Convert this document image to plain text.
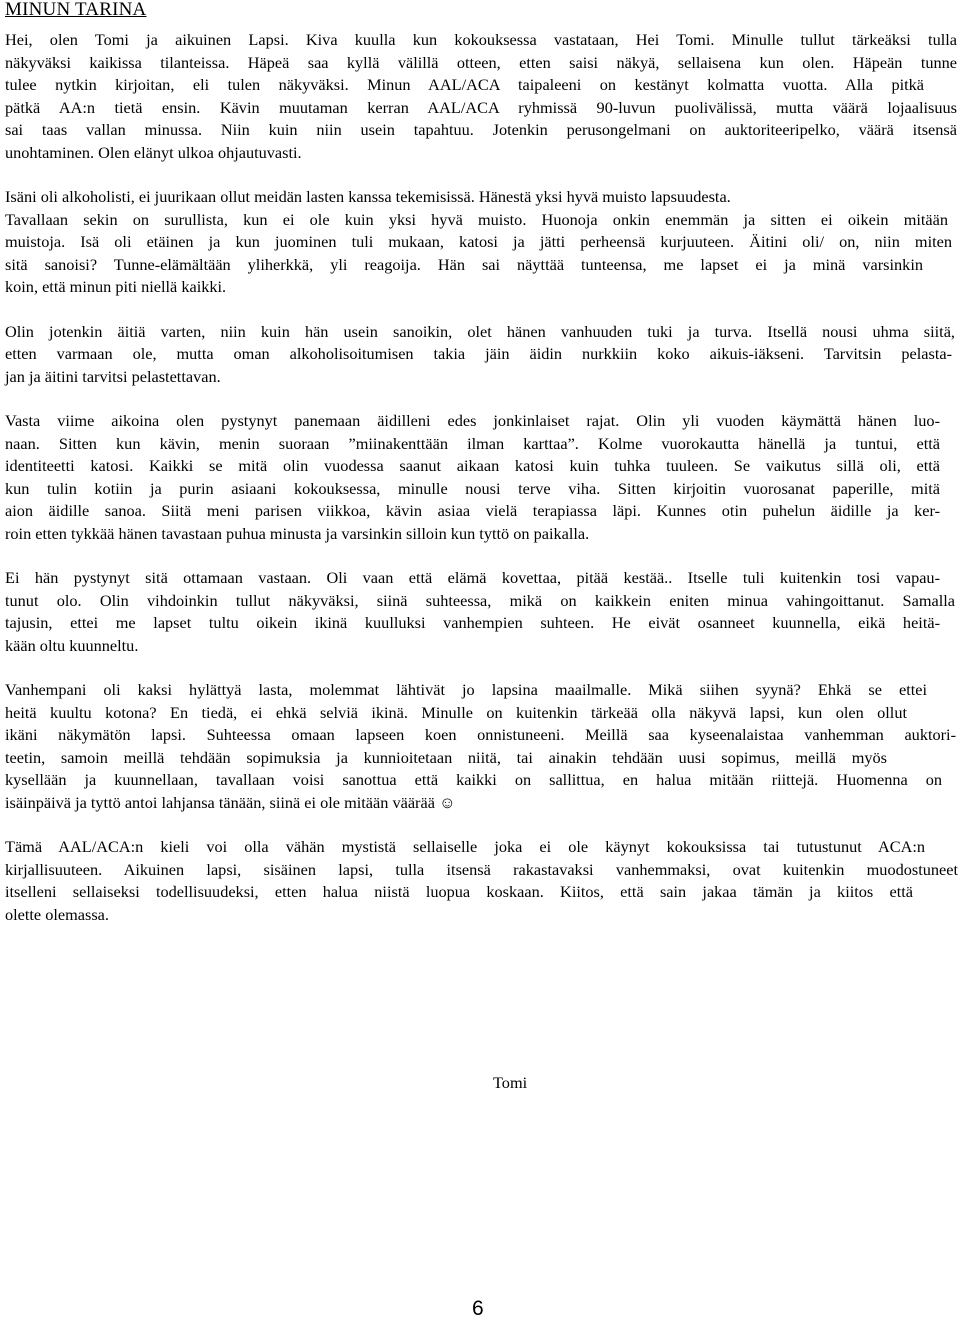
MINUN TARINA
Hei, olen Tomi ja aikuinen Lapsi. Kiva kuulla kun kokouksessa vastataan, Hei Tomi. Minulle tullut tärkeäksi tulla
näkyväksi kaikissa tilanteissa. Häpeä saa kyllä välillä otteen, etten saisi näkyä, sellaisena kun olen. Häpeän tunne
tulee nytkin kirjoitan, eli tulen näkyväksi. Minun AAL/ACA taipaleeni on kestänyt kolmatta vuotta. Alla pitkä
pätkä AA:n tietä ensin. Kävin muutaman kerran AAL/ACA ryhmissä 90-luvun puolivälissä, mutta väärä lojaalisuus
sai taas vallan minussa. Niin kuin niin usein tapahtuu. Jotenkin perusongelmani on auktoriteeripelko, väärä itsensä
unohtaminen. Olen elänyt ulkoa ohjautuvasti.
Isäni oli alkoholisti, ei juurikaan ollut meidän lasten kanssa tekemisissä. Hänestä yksi hyvä muisto lapsuudesta.
Tavallaan sekin on surullista, kun ei ole kuin yksi hyvä muisto. Huonoja onkin enemmän ja sitten ei oikein mitään
muistoja. Isä oli etäinen ja kun juominen tuli mukaan, katosi ja jätti perheensä kurjuuteen. Äitini oli/ on, niin miten
sitä sanoisi? Tunne-elämältään yliherkkä, yli reagoija. Hän sai näyttää tunteensa, me lapset ei ja minä varsinkin
koin, että minun piti niellä kaikki.
Olin jotenkin äitiä varten, niin kuin hän usein sanoikin, olet hänen vanhuuden tuki ja turva. Itsellä nousi uhma siitä,
etten varmaan ole, mutta oman alkoholisoitumisen takia jäin äidin nurkkiin koko aikuis-iäkseni. Tarvitsin pelasta-
jan ja äitini tarvitsi pelastettavan.
Vasta viime aikoina olen pystynyt panemaan äidilleni edes jonkinlaiset rajat. Olin yli vuoden käymättä hänen luo-
naan. Sitten kun kävin, menin suoraan ”miinakenttään ilman karttaa”. Kolme vuorokautta hänellä ja tuntui, että
identiteetti katosi. Kaikki se mitä olin vuodessa saanut aikaan katosi kuin tuhka tuuleen. Se vaikutus sillä oli, että
kun tulin kotiin ja purin asiaani kokouksessa, minulle nousi terve viha. Sitten kirjoitin vuorosanat paperille, mitä
aion äidille sanoa. Siitä meni parisen viikkoa, kävin asiaa vielä terapiassa läpi. Kunnes otin puhelun äidille ja ker-
roin etten tykkää hänen tavastaan puhua minusta ja varsinkin silloin kun tyttö on paikalla.
Ei hän pystynyt sitä ottamaan vastaan. Oli vaan että elämä kovettaa, pitää kestää.. Itselle tuli kuitenkin tosi vapau-
tunut olo. Olin vihdoinkin tullut näkyväksi, siinä suhteessa, mikä on kaikkein eniten minua vahingoittanut. Samalla
tajusin, ettei me lapset tultu oikein ikinä kuulluksi vanhempien suhteen. He eivät osanneet kuunnella, eikä heitä-
kään oltu kuunneltu.
Vanhempani oli kaksi hylättyä lasta, molemmat lähtivät jo lapsina maailmalle. Mikä siihen syynä? Ehkä se ettei
heitä kuultu kotona? En tiedä, ei ehkä selviä ikinä. Minulle on kuitenkin tärkeää olla näkyvä lapsi, kun olen ollut
ikäni näkymätön lapsi. Suhteessa omaan lapseen koen onnistuneeni. Meillä saa kyseenalaistaa vanhemman auktori-
teetin, samoin meillä tehdään sopimuksia ja kunnioitetaan niitä, tai ainakin tehdään uusi sopimus, meillä myös
kysellään ja kuunnellaan, tavallaan voisi sanottua että kaikki on sallittua, en halua mitään riittejä. Huomenna on
isäinpäivä ja tyttö antoi lahjansa tänään, siinä ei ole mitään väärää ☺
Tämä AAL/ACA:n kieli voi olla vähän mystistä sellaiselle joka ei ole käynyt kokouksissa tai tutustunut ACA:n
kirjallisuuteen. Aikuinen lapsi, sisäinen lapsi, tulla itsensä rakastavaksi vanhemmaksi, ovat kuitenkin muodostuneet
itselleni sellaiseksi todellisuudeksi, etten halua niistä luopua koskaan. Kiitos, että sain jakaa tämän ja kiitos että
olette olemassa.
Tomi
6
